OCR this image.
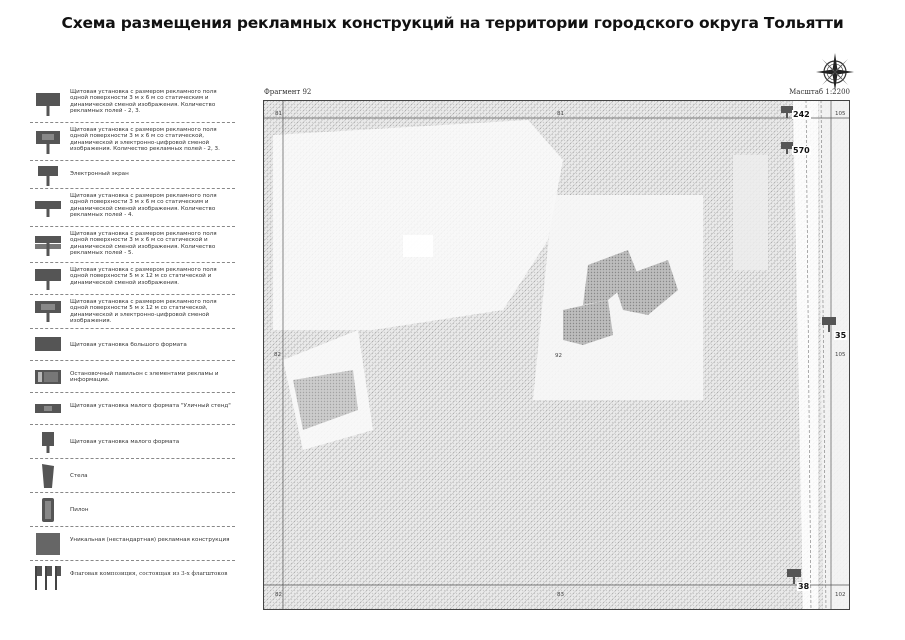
Схема размещения рекламных конструкций на территории городского округа Тольятти
Щитовая установка с размером рекламного поля одной поверхности 3 м х 6 м со статическим и динамической сменой изображения. Количество рекламных полей - 2, 3.
Щитовая установка с размером рекламного поля одной поверхности 3 м х 6 м со статической, динамической и электронно-цифровой сменой изображения. Количество рекламных полей - 2, 3.
Электронный экран
Щитовая установка с размером рекламного поля одной поверхности 3 м х 6 м со статическим и динамической сменой изображения. Количество рекламных полей - 4.
Щитовая установка с размером рекламного поля одной поверхности 3 м х 6 м со статической и динамической сменой изображения. Количество рекламных полей - 5.
Щитовая установка с размером рекламного поля одной поверхности 5 м х 12 м со статической и динамической сменой изображения.
Щитовая установка с размером рекламного поля одной поверхности 5 м х 12 м со статической, динамической и электронно-цифровой сменой изображения.
Щитовая установка большого формата
Остановочный павильон с элементами рекламы и информации.
Щитовая установка малого формата "Уличный стенд"
Щитовая установка малого формата
Стела
Пилон
Уникальная (нестандартная) рекламная конструкция
Флаговая композиция, состоящая из 3-х флагштоков
Фрагмент 92	Масштаб 1:2200
81	81	105
82	92	105
82	83	102
242
570
35
38
